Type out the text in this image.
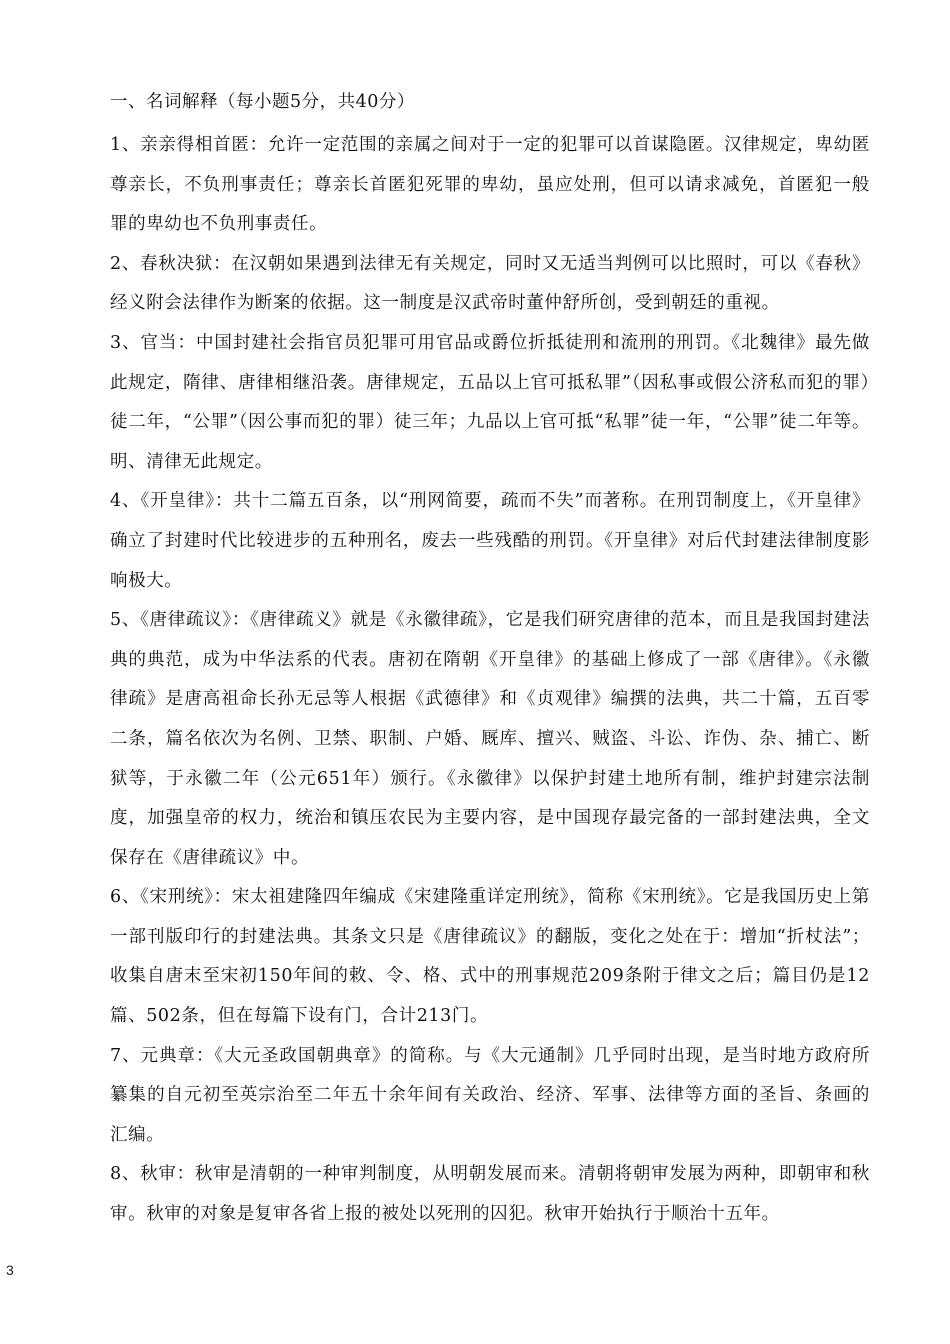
一、名词解释（每小题5分，共40分）

1、亲亲得相首匿：允许一定范围的亲属之间对于一定的犯罪可以首谋隐匿。汉律规定，卑幼匿尊亲长，不负刑事责任；尊亲长首匿犯死罪的卑幼，虽应处刑，但可以请求减免，首匿犯一般罪的卑幼也不负刑事责任。

2、春秋决狱：在汉朝如果遇到法律无有关规定，同时又无适当判例可以比照时，可以《春秋》经义附会法律作为断案的依据。这一制度是汉武帝时董仲舒所创，受到朝廷的重视。

3、官当：中国封建社会指官员犯罪可用官品或爵位折抵徒刑和流刑的刑罚。《北魏律》最先做此规定，隋律、唐律相继沿袭。唐律规定，五品以上官可抵私罪”（因私事或假公济私而犯的罪）徒二年，“公罪”（因公事而犯的罪）徒三年；九品以上官可抵“私罪”徒一年，“公罪”徒二年等。明、清律无此规定。

4、《开皇律》：共十二篇五百条，以“刑网简要，疏而不失”而著称。在刑罚制度上，《开皇律》确立了封建时代比较进步的五种刑名，废去一些残酷的刑罚。《开皇律》对后代封建法律制度影响极大。

5、《唐律疏议》：《唐律疏义》就是《永徽律疏》，它是我们研究唐律的范本，而且是我国封建法典的典范，成为中华法系的代表。唐初在隋朝《开皇律》的基础上修成了一部《唐律》。《永徽律疏》是唐高祖命长孙无忌等人根据《武德律》和《贞观律》编撰的法典，共二十篇，五百零二条，篇名依次为名例、卫禁、职制、户婚、厩库、擅兴、贼盗、斗讼、诈伪、杂、捕亡、断狱等，于永徽二年（公元651年）颁行。《永徽律》以保护封建土地所有制，维护封建宗法制度，加强皇帝的权力，统治和镇压农民为主要内容，是中国现存最完备的一部封建法典，全文保存在《唐律疏议》中。

6、《宋刑统》：宋太祖建隆四年编成《宋建隆重详定刑统》，简称《宋刑统》。它是我国历史上第一部刊版印行的封建法典。其条文只是《唐律疏议》的翻版，变化之处在于：增加“折杖法”；收集自唐末至宋初150年间的敕、令、格、式中的刑事规范209条附于律文之后；篇目仍是12篇、502条，但在每篇下设有门，合计213门。

7、元典章：《大元圣政国朝典章》的简称。与《大元通制》几乎同时出现，是当时地方政府所纂集的自元初至英宗治至二年五十余年间有关政治、经济、军事、法律等方面的圣旨、条画的汇编。

8、秋审：秋审是清朝的一种审判制度，从明朝发展而来。清朝将朝审发展为两种，即朝审和秋审。秋审的对象是复审各省上报的被处以死刑的囚犯。秋审开始执行于顺治十五年。

3
